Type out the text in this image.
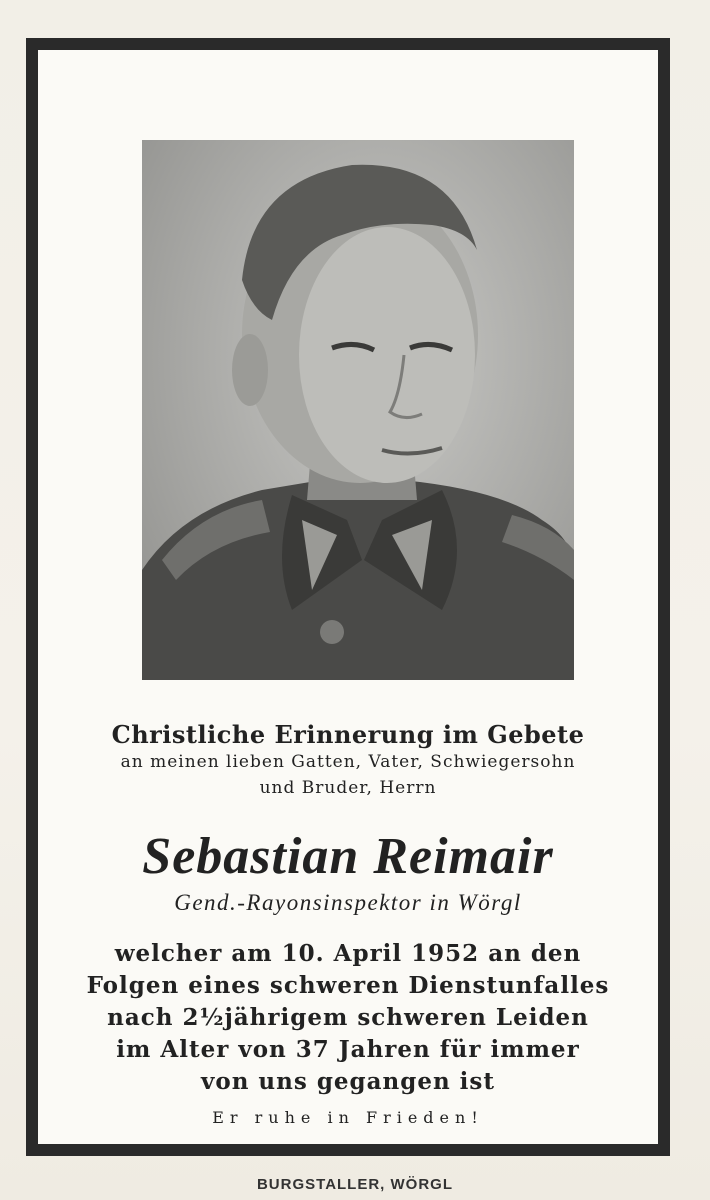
Christliche Erinnerung im Gebete

an meinen lieben Gatten, Vater, Schwiegersohn

und Bruder, Herrn

Sebastian Reimair

Gend.-Rayonsinspektor in Wörgl

welcher am 10. April 1952 an den

Folgen eines schweren Dienstunfalles

nach 2½jährigem schweren Leiden

im Alter von 37 Jahren für immer

von uns gegangen ist

Er ruhe in Frieden!

BURGSTALLER, WÖRGL
